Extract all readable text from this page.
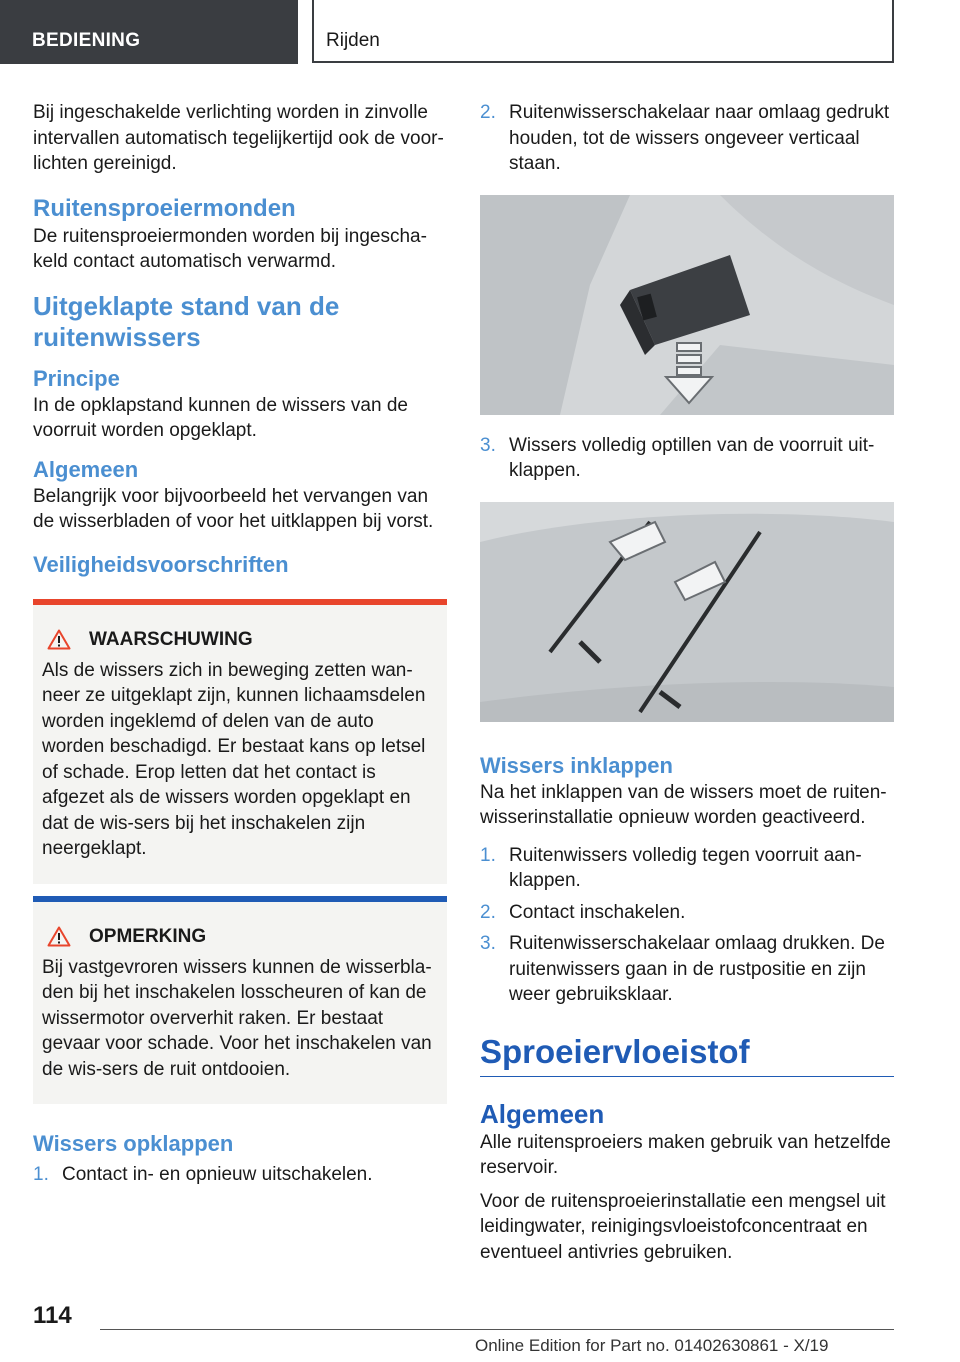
BEDIENING	Rijden

Bij ingeschakelde verlichting worden in zinvolle intervallen automatisch tegelijkertijd ook de voor-lichten gereinigd.

Ruitensproeiermonden

De ruitensproeiermonden worden bij ingescha-keld contact automatisch verwarmd.

Uitgeklapte stand van de ruitenwissers
Principe

In de opklapstand kunnen de wissers van de voorruit worden opgeklapt.

Algemeen

Belangrijk voor bijvoorbeeld het vervangen van de wisserbladen of voor het uitklappen bij vorst.

Veiligheidsvoorschriften
WAARSCHUWING

Als de wissers zich in beweging zetten wan-neer ze uitgeklapt zijn, kunnen lichaamsdelen worden ingeklemd of delen van de auto worden beschadigd. Er bestaat kans op letsel of schade. Erop letten dat het contact is afgezet als de wissers worden opgeklapt en dat de wis-sers bij het inschakelen zijn neergeklapt.

OPMERKING

Bij vastgevroren wissers kunnen de wisserbla-den bij het inschakelen losscheuren of kan de wissermotor oververhit raken. Er bestaat gevaar voor schade. Voor het inschakelen van de wis-sers de ruit ontdooien.

Wissers opklappen
1. Contact in- en opnieuw uitschakelen.
2. Ruitenwisserschakelaar naar omlaag gedrukt houden, tot de wissers ongeveer verticaal staan.
3. Wissers volledig optillen van de voorruit uit-klappen.
Wissers inklappen

Na het inklappen van de wissers moet de ruiten-wisserinstallatie opnieuw worden geactiveerd.

1. Ruitenwissers volledig tegen voorruit aan-klappen.
2. Contact inschakelen.
3. Ruitenwisserschakelaar omlaag drukken. De ruitenwissers gaan in de rustpositie en zijn weer gebruiksklaar.
Sproeiervloeistof
Algemeen

Alle ruitensproeiers maken gebruik van hetzelfde reservoir.

Voor de ruitensproeierinstallatie een mengsel uit leidingwater, reinigingsvloeistofconcentraat en eventueel antivries gebruiken.

114
Online Edition for Part no. 01402630861 - X/19
